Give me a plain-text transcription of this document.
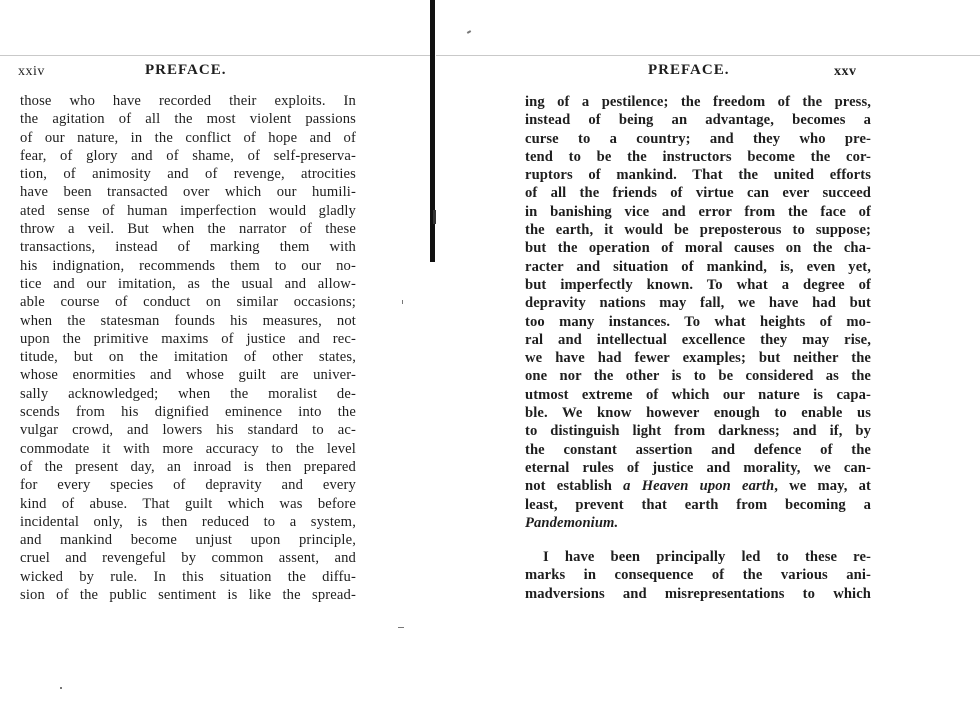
xxiv	PREFACE.
those who have recorded their exploits. In
the agitation of all the most violent passions
of our nature, in the conflict of hope and of
fear, of glory and of shame, of self-preserva-
tion, of animosity and of revenge, atrocities
have been transacted over which our humili-
ated sense of human imperfection would gladly
throw a veil. But when the narrator of these
transactions, instead of marking them with
his indignation, recommends them to our no-
tice and our imitation, as the usual and allow-
able course of conduct on similar occasions;
when the statesman founds his measures, not
upon the primitive maxims of justice and rec-
titude, but on the imitation of other states,
whose enormities and whose guilt are univer-
sally acknowledged; when the moralist de-
scends from his dignified eminence into the
vulgar crowd, and lowers his standard to ac-
commodate it with more accuracy to the level
of the present day, an inroad is then prepared
for every species of depravity and every
kind of abuse. That guilt which was before
incidental only, is then reduced to a system,
and mankind become unjust upon principle,
cruel and revengeful by common assent, and
wicked by rule. In this situation the diffu-
sion of the public sentiment is like the spread-
PREFACE.	xxv
ing of a pestilence; the freedom of the press,
instead of being an advantage, becomes a
curse to a country; and they who pre-
tend to be the instructors become the cor-
ruptors of mankind. That the united efforts
of all the friends of virtue can ever succeed
in banishing vice and error from the face of
the earth, it would be preposterous to suppose;
but the operation of moral causes on the cha-
racter and situation of mankind, is, even yet,
but imperfectly known. To what a degree of
depravity nations may fall, we have had but
too many instances. To what heights of mo-
ral and intellectual excellence they may rise,
we have had fewer examples; but neither the
one nor the other is to be considered as the
utmost extreme of which our nature is capa-
ble. We know however enough to enable us
to distinguish light from darkness; and if, by
the constant assertion and defence of the
eternal rules of justice and morality, we can-
not establish a Heaven upon earth, we may, at
least, prevent that earth from becoming a
Pandemonium.
I have been principally led to these re-
marks in consequence of the various ani-
madversions and misrepresentations to which
